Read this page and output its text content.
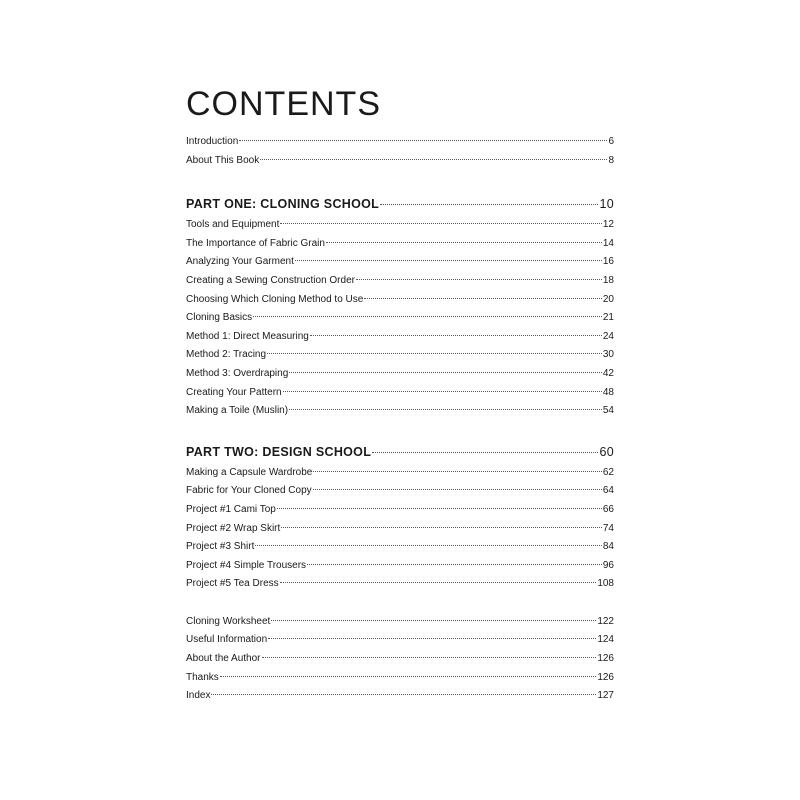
CONTENTS
Introduction	6
About This Book	8
PART ONE: CLONING SCHOOL	10
Tools and Equipment	12
The Importance of Fabric Grain	14
Analyzing Your Garment	16
Creating a Sewing Construction Order	18
Choosing Which Cloning Method to Use	20
Cloning Basics	21
Method 1: Direct Measuring	24
Method 2: Tracing	30
Method 3: Overdraping	42
Creating Your Pattern	48
Making a Toile (Muslin)	54
PART TWO: DESIGN SCHOOL	60
Making a Capsule Wardrobe	62
Fabric for Your Cloned Copy	64
Project #1 Cami Top	66
Project #2 Wrap Skirt	74
Project #3 Shirt	84
Project #4 Simple Trousers	96
Project #5 Tea Dress	108
Cloning Worksheet	122
Useful Information	124
About the Author	126
Thanks	126
Index	127
